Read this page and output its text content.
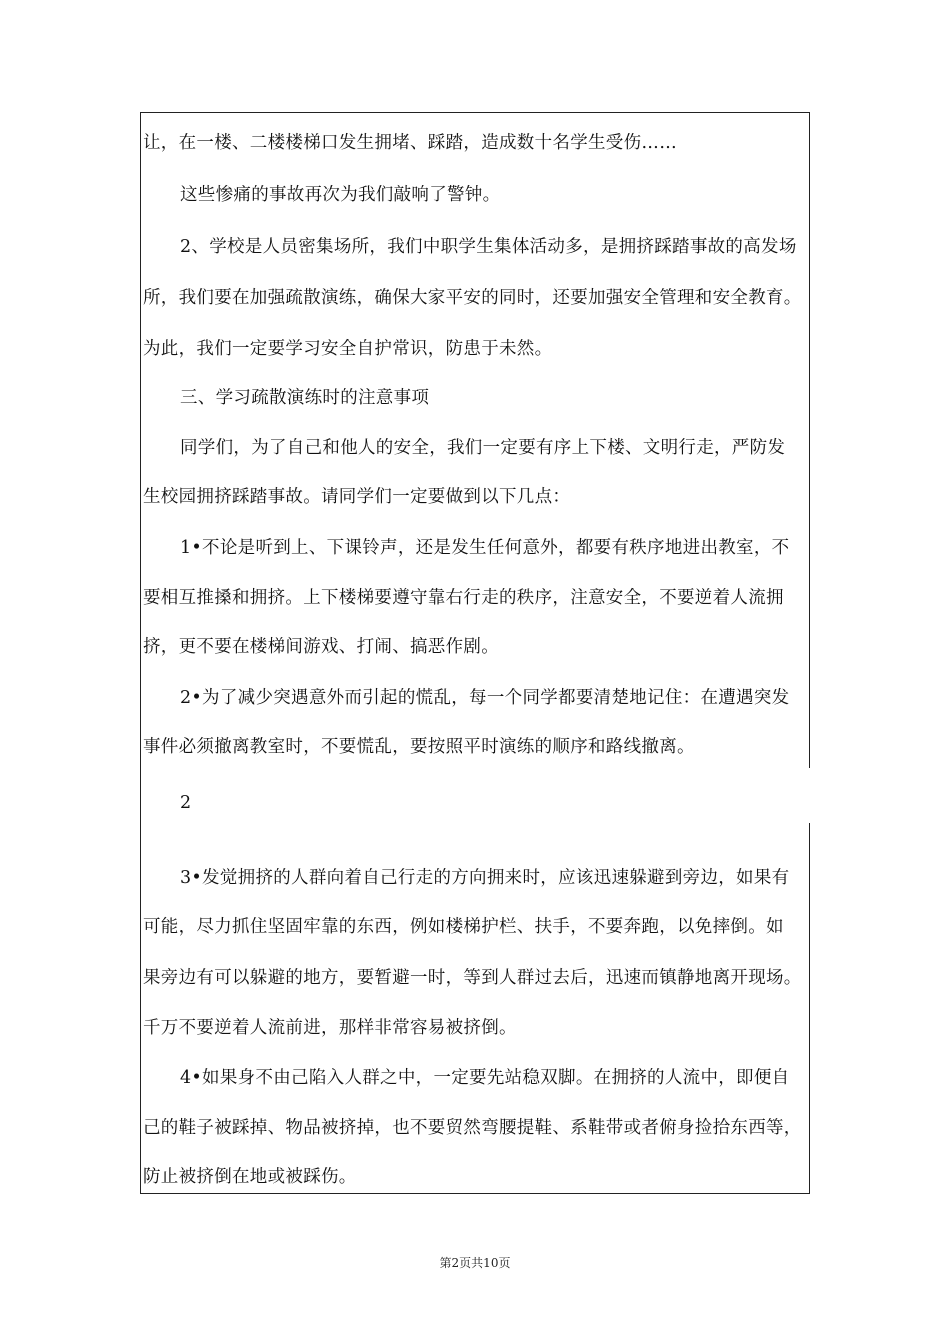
让，在一楼、二楼楼梯口发生拥堵、踩踏，造成数十名学生受伤……
这些惨痛的事故再次为我们敲响了警钟。
2、学校是人员密集场所，我们中职学生集体活动多，是拥挤踩踏事故的高发场
所，我们要在加强疏散演练，确保大家平安的同时，还要加强安全管理和安全教育。
为此，我们一定要学习安全自护常识，防患于未然。
三、学习疏散演练时的注意事项
同学们，为了自己和他人的安全，我们一定要有序上下楼、文明行走，严防发
生校园拥挤踩踏事故。请同学们一定要做到以下几点：
1•不论是听到上、下课铃声，还是发生任何意外，都要有秩序地进出教室，不
要相互推搡和拥挤。上下楼梯要遵守靠右行走的秩序，注意安全，不要逆着人流拥
挤，更不要在楼梯间游戏、打闹、搞恶作剧。
2•为了减少突遇意外而引起的慌乱，每一个同学都要清楚地记住：在遭遇突发
事件必须撤离教室时，不要慌乱，要按照平时演练的顺序和路线撤离。
2
3•发觉拥挤的人群向着自己行走的方向拥来时，应该迅速躲避到旁边，如果有
可能，尽力抓住坚固牢靠的东西，例如楼梯护栏、扶手，不要奔跑，以免摔倒。如
果旁边有可以躲避的地方，要暂避一时，等到人群过去后，迅速而镇静地离开现场。
千万不要逆着人流前进，那样非常容易被挤倒。
4•如果身不由己陷入人群之中，一定要先站稳双脚。在拥挤的人流中，即便自
己的鞋子被踩掉、物品被挤掉，也不要贸然弯腰提鞋、系鞋带或者俯身捡拾东西等，
防止被挤倒在地或被踩伤。
第2页共10页
